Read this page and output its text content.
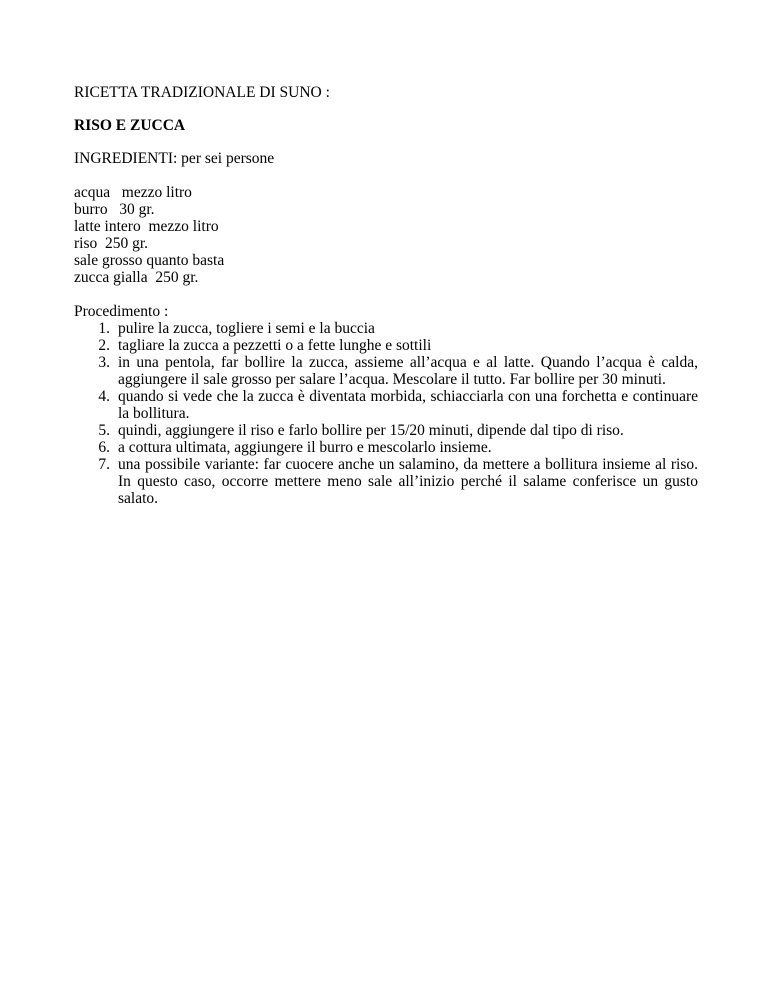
RICETTA TRADIZIONALE DI SUNO :
RISO E ZUCCA
INGREDIENTI: per sei persone
acqua   mezzo litro
burro   30 gr.
latte intero  mezzo litro
riso  250 gr.
sale grosso quanto basta
zucca gialla  250 gr.
Procedimento :
1. pulire la zucca, togliere i semi e la buccia
2. tagliare la zucca a pezzetti o a fette lunghe e sottili
3. in una pentola, far bollire la zucca, assieme all’acqua e al latte. Quando l’acqua è calda, aggiungere il sale grosso per salare l’acqua. Mescolare il tutto. Far bollire per 30 minuti.
4. quando si vede che la zucca è diventata morbida, schiacciarla con una forchetta e continuare la bollitura.
5. quindi, aggiungere il riso e farlo bollire per 15/20 minuti, dipende dal tipo di riso.
6. a cottura ultimata, aggiungere il burro e mescolarlo insieme.
7. una possibile variante: far cuocere anche un salamino, da mettere a bollitura insieme al riso. In questo caso, occorre mettere meno sale all’inizio perché il salame conferisce un gusto salato.
